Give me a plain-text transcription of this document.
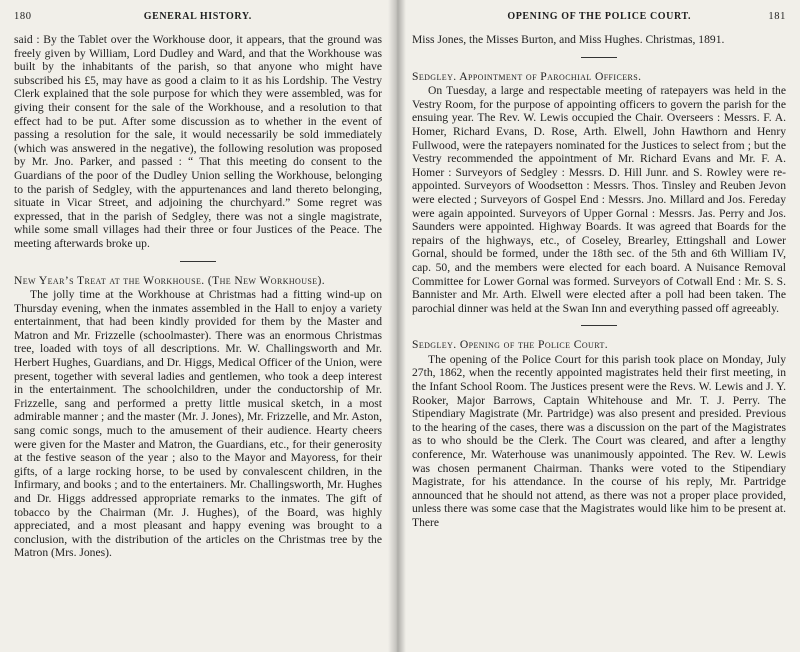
180	GENERAL HISTORY.

said : By the Tablet over the Workhouse door, it appears, that the ground was freely given by William, Lord Dudley and Ward, and that the Workhouse was built by the inhabitants of the parish, so that anyone who might have subscribed his £5, may have as good a claim to it as his Lordship. The Vestry Clerk explained that the sole purpose for which they were assembled, was for giving their consent for the sale of the Workhouse, and a resolution to that effect had to be put. After some discussion as to whether in the event of passing a resolution for the sale, it would necessarily be sold immediately (which was answered in the negative), the following resolution was proposed by Mr. Jno. Parker, and passed : “ That this meeting do consent to the Guardians of the poor of the Dudley Union selling the Workhouse, belonging to the parish of Sedgley, with the appurtenances and land thereto belonging, situate in Vicar Street, and adjoining the churchyard.” Some regret was expressed, that in the parish of Sedgley, there was not a single magistrate, while some small villages had their three or four Justices of the Peace. The meeting afterwards broke up.

New Year’s Treat at the Workhouse. (The New Workhouse).

The jolly time at the Workhouse at Christmas had a fitting wind-up on Thursday evening, when the inmates assembled in the Hall to enjoy a variety entertainment, that had been kindly provided for them by the Master and Matron and Mr. Frizzelle (schoolmaster). There was an enormous Christmas tree, loaded with toys of all descriptions. Mr. W. Challingsworth and Mr. Herbert Hughes, Guardians, and Dr. Higgs, Medical Officer of the Union, were present, together with several ladies and gentlemen, who took a deep interest in the entertainment. The schoolchildren, under the conductorship of Mr. Frizzelle, sang and performed a pretty little musical sketch, in a most admirable manner ; and the master (Mr. J. Jones), Mr. Frizzelle, and Mr. Aston, sang comic songs, much to the amusement of their audience. Hearty cheers were given for the Master and Matron, the Guardians, etc., for their generosity at the festive season of the year ; also to the Mayor and Mayoress, for their gifts, of a large rocking horse, to be used by convalescent children, in the Infirmary, and books ; and to the entertainers. Mr. Challingsworth, Mr. Hughes and Dr. Higgs addressed appropriate remarks to the inmates. The gift of tobacco by the Chairman (Mr. J. Hughes), of the Board, was highly appreciated, and a most pleasant and happy evening was brought to a conclusion, with the distribution of the articles on the Christmas tree by the Matron (Mrs. Jones).

OPENING OF THE POLICE COURT.	181

Miss Jones, the Misses Burton, and Miss Hughes. Christmas, 1891.

Sedgley. Appointment of Parochial Officers.

On Tuesday, a large and respectable meeting of ratepayers was held in the Vestry Room, for the purpose of appointing officers to govern the parish for the ensuing year. The Rev. W. Lewis occupied the Chair. Overseers : Messrs. F. A. Homer, Richard Evans, D. Rose, Arth. Elwell, John Hawthorn and Henry Fullwood, were the ratepayers nominated for the Justices to select from ; but the Vestry recommended the appointment of Mr. Richard Evans and Mr. F. A. Homer : Surveyors of Sedgley : Messrs. D. Hill Junr. and S. Rowley were re-appointed. Surveyors of Woodsetton : Messrs. Thos. Tinsley and Reuben Jevon were elected ; Surveyors of Gospel End : Messrs. Jno. Millard and Jos. Fereday were again appointed. Surveyors of Upper Gornal : Messrs. Jas. Perry and Jos. Saunders were appointed. Highway Boards. It was agreed that Boards for the repairs of the highways, etc., of Coseley, Brearley, Ettingshall and Lower Gornal, should be formed, under the 18th sec. of the 5th and 6th William IV, cap. 50, and the members were elected for each board. A Nuisance Removal Committee for Lower Gornal was formed. Surveyors of Cotwall End : Mr. S. S. Bannister and Mr. Arth. Elwell were elected after a poll had been taken. The parochial dinner was held at the Swan Inn and everything passed off agreeably.

Sedgley. Opening of the Police Court.

The opening of the Police Court for this parish took place on Monday, July 27th, 1862, when the recently appointed magistrates held their first meeting, in the Infant School Room. The Justices present were the Revs. W. Lewis and J. Y. Rooker, Major Barrows, Captain Whitehouse and Mr. T. J. Perry. The Stipendiary Magistrate (Mr. Partridge) was also present and presided. Previous to the hearing of the cases, there was a discussion on the part of the Magistrates as to who should be the Clerk. The Court was cleared, and after a lengthy conference, Mr. Waterhouse was unanimously appointed. The Rev. W. Lewis was chosen permanent Chairman. Thanks were voted to the Stipendiary Magistrate, for his attendance. In the course of his reply, Mr. Partridge announced that he should not attend, as there was not a proper place provided, unless there was some case that the Magistrates would like him to be present at. There
